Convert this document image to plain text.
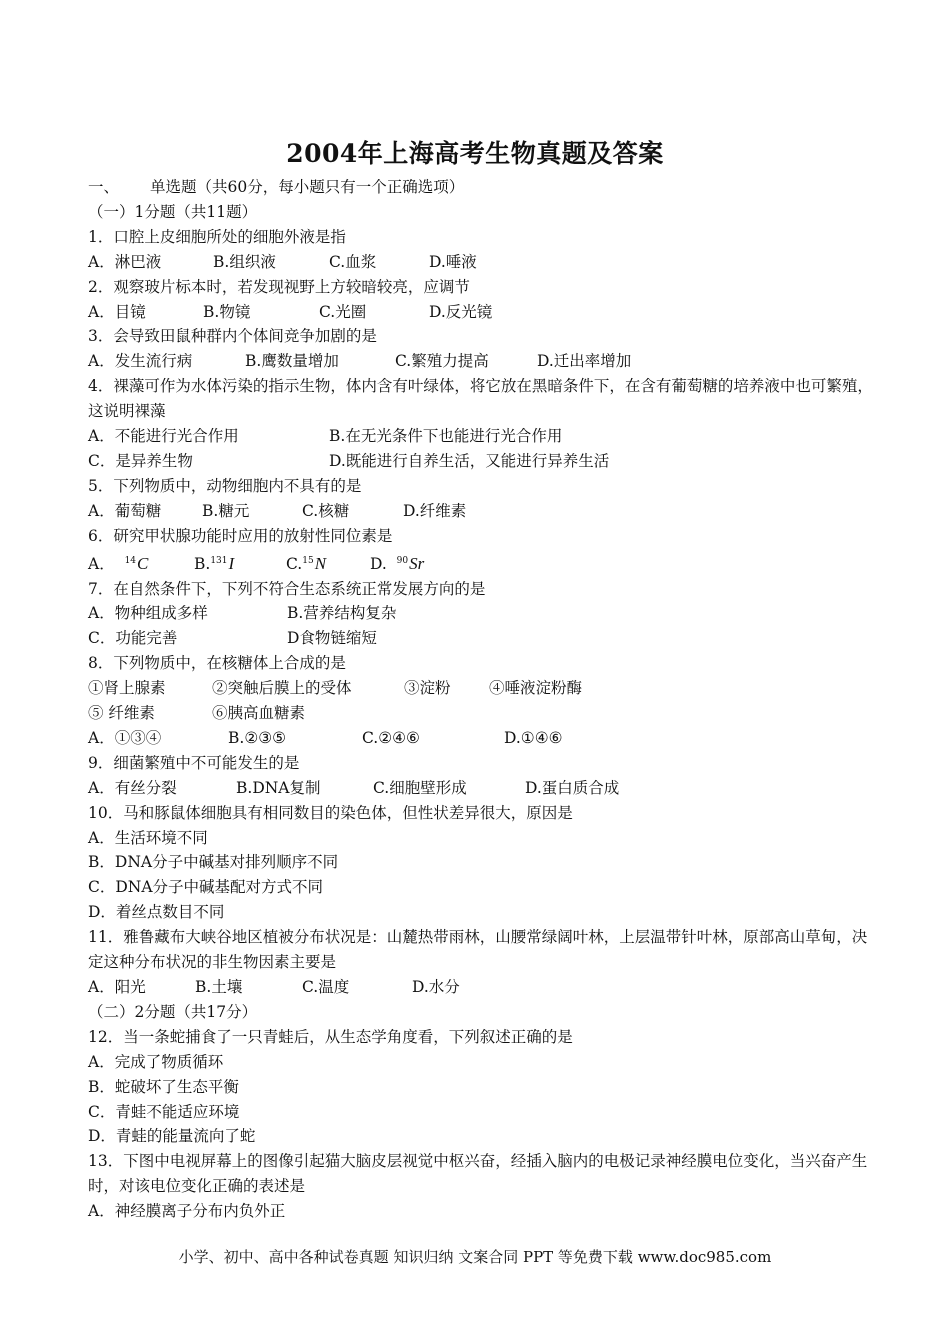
2004年上海高考生物真题及答案
一、 单选题（共60分，每小题只有一个正确选项）
（一）1分题（共11题）
1．口腔上皮细胞所处的细胞外液是指
A．淋巴液	B.组织液	C.血浆	D.唾液
2．观察玻片标本时，若发现视野上方较暗较亮，应调节
A．目镜	B.物镜	C.光圈	D.反光镜
3．会导致田鼠种群内个体间竞争加剧的是
A．发生流行病	B.鹰数量增加	C.繁殖力提高	D.迁出率增加
4．裸藻可作为水体污染的指示生物，体内含有叶绿体，将它放在黑暗条件下，在含有葡萄糖的培养液中也可繁殖，这说明裸藻
A．不能进行光合作用	B.在无光条件下也能进行光合作用
C．是异养生物	D.既能进行自养生活，又能进行异养生活
5．下列物质中，动物细胞内不具有的是
A．葡萄糖	B.糖元	C.核糖	D.纤维素
6．研究甲状腺功能时应用的放射性同位素是
A． $^{14}$C	B.$^{131}$I	C.$^{15}$N	D. $^{90}$Sr
7．在自然条件下，下列不符合生态系统正常发展方向的是
A．物种组成多样	B.营养结构复杂
C．功能完善	D食物链缩短
8．下列物质中，在核糖体上合成的是
①肾上腺素	②突触后膜上的受体	③淀粉 ④唾液淀粉酶
⑤ 纤维素	⑥胰高血糖素
A．①③④	B.②③⑤	C.②④⑥	D.①④⑥
9．细菌繁殖中不可能发生的是
A．有丝分裂	B.DNA复制	C.细胞壁形成	D.蛋白质合成
10．马和豚鼠体细胞具有相同数目的染色体，但性状差异很大，原因是
A．生活环境不同
B．DNA分子中碱基对排列顺序不同
C．DNA分子中碱基配对方式不同
D．着丝点数目不同
11．雅鲁藏布大峡谷地区植被分布状况是：山麓热带雨林，山腰常绿阔叶林，上层温带针叶林，原部高山草甸，决定这种分布状况的非生物因素主要是
A．阳光	B.土壤	C.温度	D.水分
（二）2分题（共17分）
12．当一条蛇捕食了一只青蛙后，从生态学角度看，下列叙述正确的是
A．完成了物质循环
B．蛇破坏了生态平衡
C．青蛙不能适应环境
D．青蛙的能量流向了蛇
13．下图中电视屏幕上的图像引起猫大脑皮层视觉中枢兴奋，经插入脑内的电极记录神经膜电位变化，当兴奋产生时，对该电位变化正确的表述是
A．神经膜离子分布内负外正
小学、初中、高中各种试卷真题 知识归纳 文案合同 PPT 等免费下载 www.doc985.com
